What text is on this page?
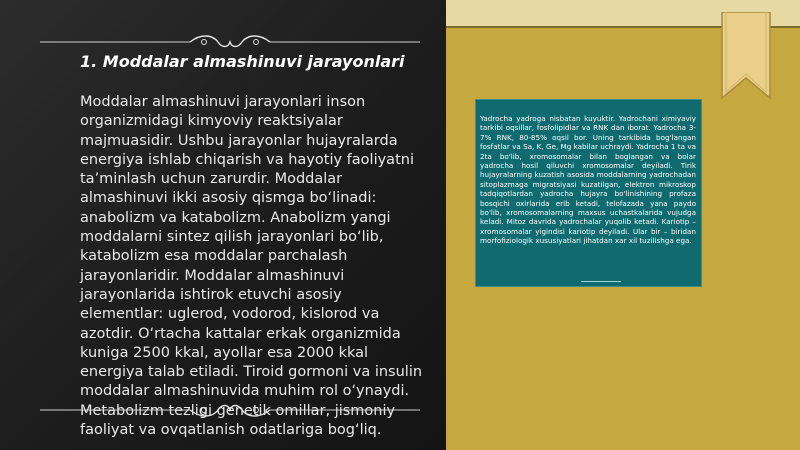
1. Moddalar almashinuvi jarayonlari

Moddalar almashinuvi jarayonlari inson organizmidagi kimyoviy reaktsiyalar majmuasidir. Ushbu jarayonlar hujayralarda energiya ishlab chiqarish va hayotiy faoliyatni ta’minlash uchun zarurdir. Moddalar almashinuvi ikki asosiy qismga bo‘linadi: anabolizm va katabolizm. Anabolizm yangi moddalarni sintez qilish jarayonlari bo‘lib, katabolizm esa moddalar parchalash jarayonlaridir. Moddalar almashinuvi jarayonlarida ishtirok etuvchi asosiy elementlar: uglerod, vodorod, kislorod va azotdir. O‘rtacha kattalar erkak organizmida kuniga 2500 kkal, ayollar esa 2000 kkal energiya talab etiladi. Tiroid gormoni va insulin moddalar almashinuvida muhim rol o‘ynaydi. Metabolizm tezligi genetik omillar, jismoniy faoliyat va ovqatlanish odatlariga bog‘liq.

Yadrocha yadroga nisbatan kuyuktir. Yadrochani ximiyaviy tarkibi oqsillar, fosfolipidlar va RNK dan iborat. Yadrocha 3-7% RNK, 80-85% oqsil bor. Uning tarkibida bog'langan fosfatlar va Sa, K, Ge, Mg kabilar uchraydi. Yadrocha 1 ta va 2ta bo'lib, xromosomalar bilan boglangan va bolar yadrocha hosil qiluvchi xromosomalar deyiladi. Tirik hujayralarning kuzatish asosida moddalarning yadrochadan sitoplazmaga migratsiyasi kuzatilgan, elektron mikroskop tadqiqotlardan yadrocha hujayra bo'linishining profaza bosqichi oxirlarida erib ketadi, telofazada yana paydo bo'lib, xromosomalarning maxsus uchastkalarida vujudga keladi. Mitoz davrida yadrochalar yuqolib ketadi. Kariotip – xromosomalar yigindisi kariotip deyiladi. Ular bir – biridan morfofiziologik xususiyatlari jihatdan xar xil tuzilishga ega.
